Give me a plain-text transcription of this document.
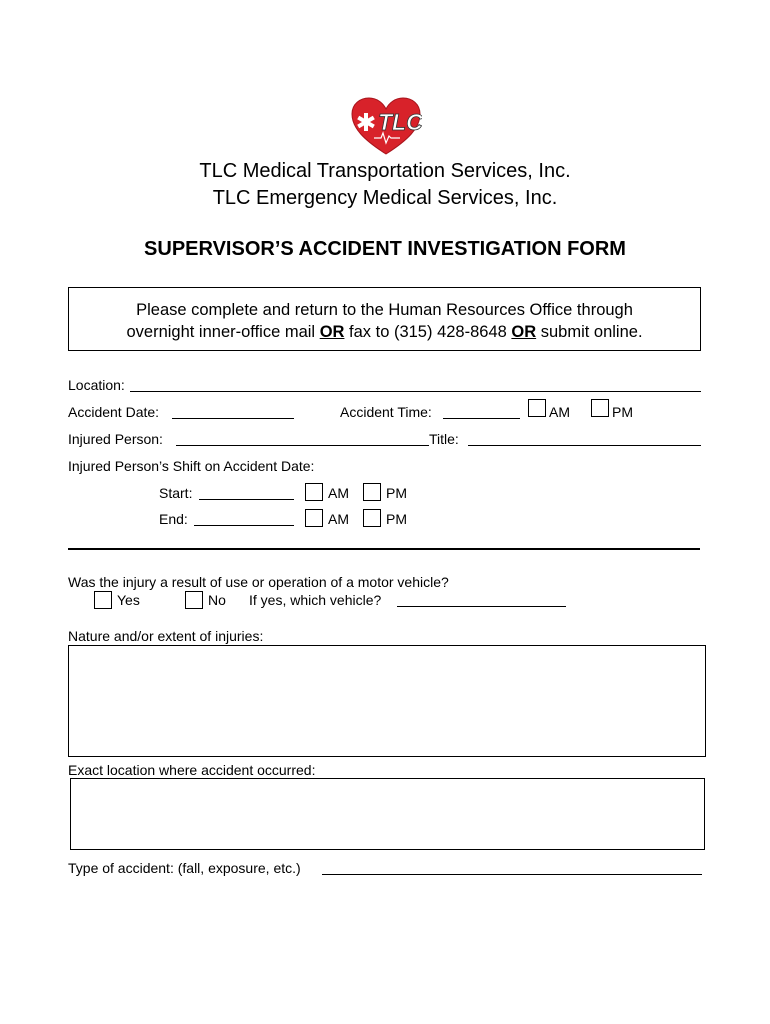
TLC
TLC Medical Transportation Services, Inc.
TLC Emergency Medical Services, Inc.
SUPERVISOR’S ACCIDENT INVESTIGATION FORM
Please complete and return to the Human Resources Office through
overnight inner-office mail OR fax to (315) 428-8648 OR submit online.
Location:
Accident Date:	Accident Time:	AM	PM
Injured Person:	Title:
Injured Person’s Shift on Accident Date:
Start:	AM	PM
End:	AM	PM
Was the injury a result of use or operation of a motor vehicle?
Yes	No If yes, which vehicle?
Nature and/or extent of injuries:
Exact location where accident occurred:
Type of accident: (fall, exposure, etc.)
